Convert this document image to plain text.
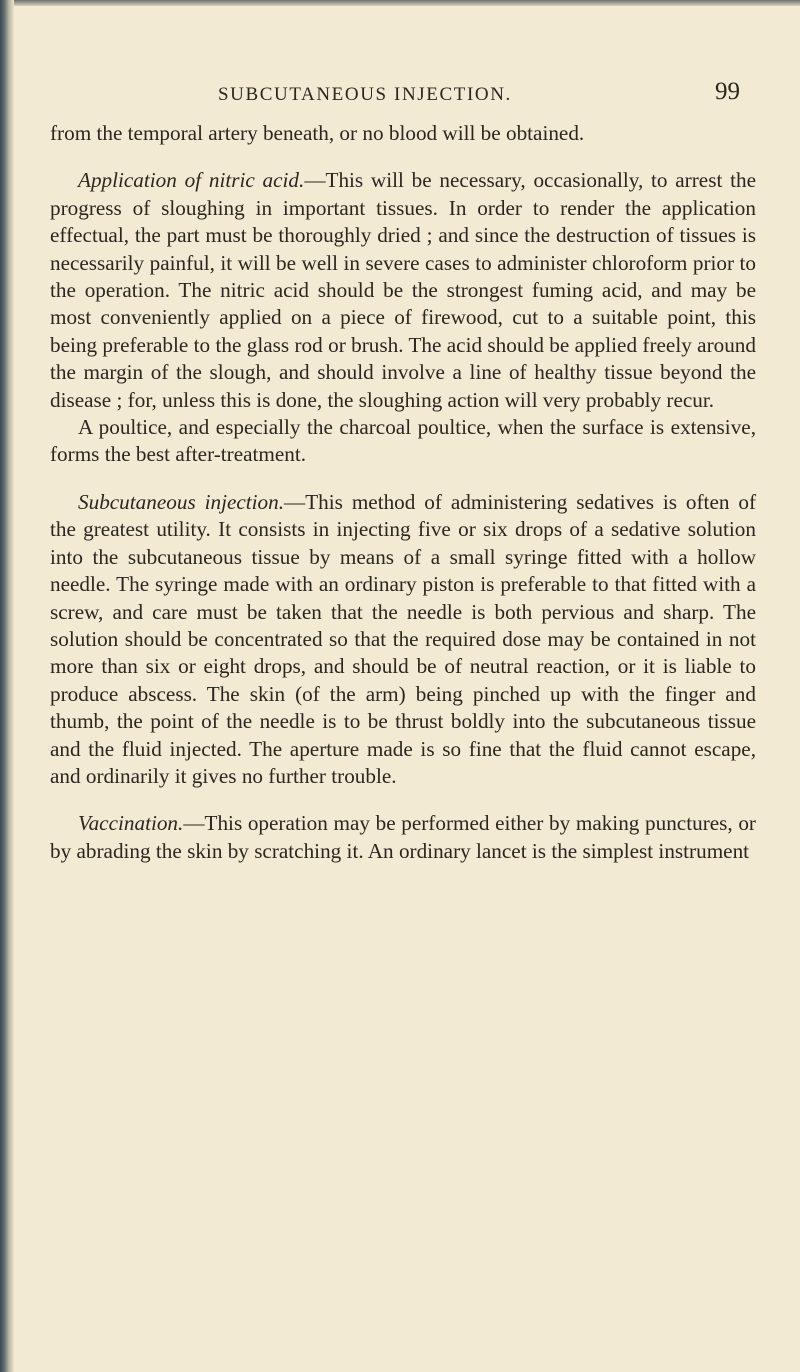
SUBCUTANEOUS INJECTION.	99

from the temporal artery beneath, or no blood will be obtained.

Application of nitric acid.—This will be necessary, occasionally, to arrest the progress of sloughing in important tissues. In order to render the application effectual, the part must be thoroughly dried ; and since the destruction of tissues is necessarily painful, it will be well in severe cases to administer chloroform prior to the operation. The nitric acid should be the strongest fuming acid, and may be most conveniently applied on a piece of firewood, cut to a suitable point, this being preferable to the glass rod or brush. The acid should be applied freely around the margin of the slough, and should involve a line of healthy tissue beyond the disease ; for, unless this is done, the sloughing action will very probably recur.

A poultice, and especially the charcoal poultice, when the surface is extensive, forms the best after-treatment.

Subcutaneous injection.—This method of administering sedatives is often of the greatest utility. It consists in injecting five or six drops of a sedative solution into the subcutaneous tissue by means of a small syringe fitted with a hollow needle. The syringe made with an ordinary piston is preferable to that fitted with a screw, and care must be taken that the needle is both pervious and sharp. The solution should be concentrated so that the required dose may be contained in not more than six or eight drops, and should be of neutral reaction, or it is liable to produce abscess. The skin (of the arm) being pinched up with the finger and thumb, the point of the needle is to be thrust boldly into the subcutaneous tissue and the fluid injected. The aperture made is so fine that the fluid cannot escape, and ordinarily it gives no further trouble.

Vaccination.—This operation may be performed either by making punctures, or by abrading the skin by scratching it. An ordinary lancet is the simplest instrument
